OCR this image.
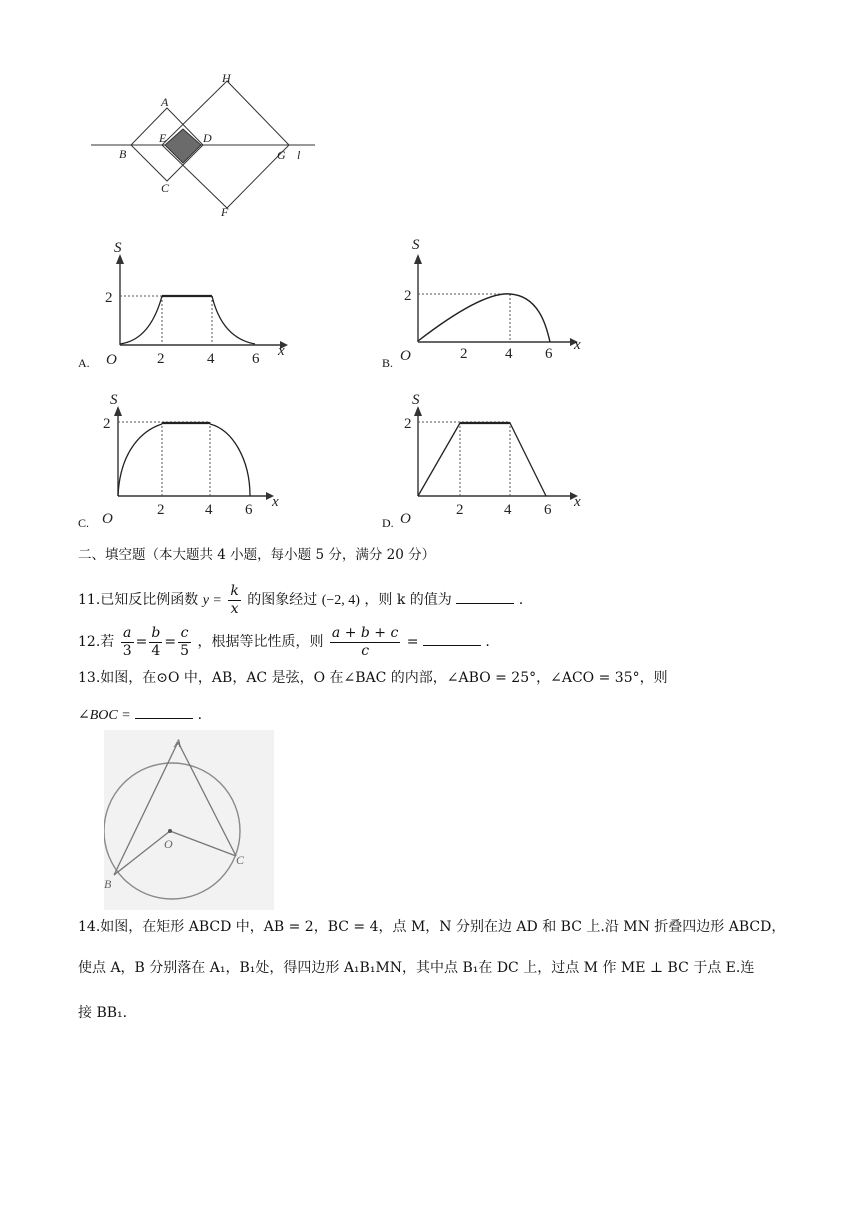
H
A
E	D
B	G l
C
F
S
2
O	2	4	6 x
A.
S
2
O	2	4 6
x
B.
S
2
O
2	4 6 x
C.
S
2
O
2	4 6 x
D.
二、填空题（本大题共 4 小题，每小题 5 分，满分 20 分）
11.已知反比例函数 $y = \frac{k}{x}$ 的图象经过 (−2, 4) ，则 k 的值为	.
12.若 $\frac{a}{3} = \frac{b}{4} = \frac{c}{5}$ ，根据等比性质，则 $\frac{a + b + c}{c}$ =	.
13.如图，在⊙O 中，AB，AC 是弦，O 在∠BAC 的内部，∠ABO = 25°，∠ACO = 35°，则
∠BOC =	.
A
O
B
C
14.如图，在矩形 ABCD 中，AB = 2，BC = 4，点 M，N 分别在边 AD 和 BC 上.沿 MN 折叠四边形 ABCD，
使点 A，B 分别落在 A₁，B₁处，得四边形 A₁B₁MN，其中点 B₁在 DC 上，过点 M 作 ME ⊥ BC 于点 E.连
接 BB₁.
